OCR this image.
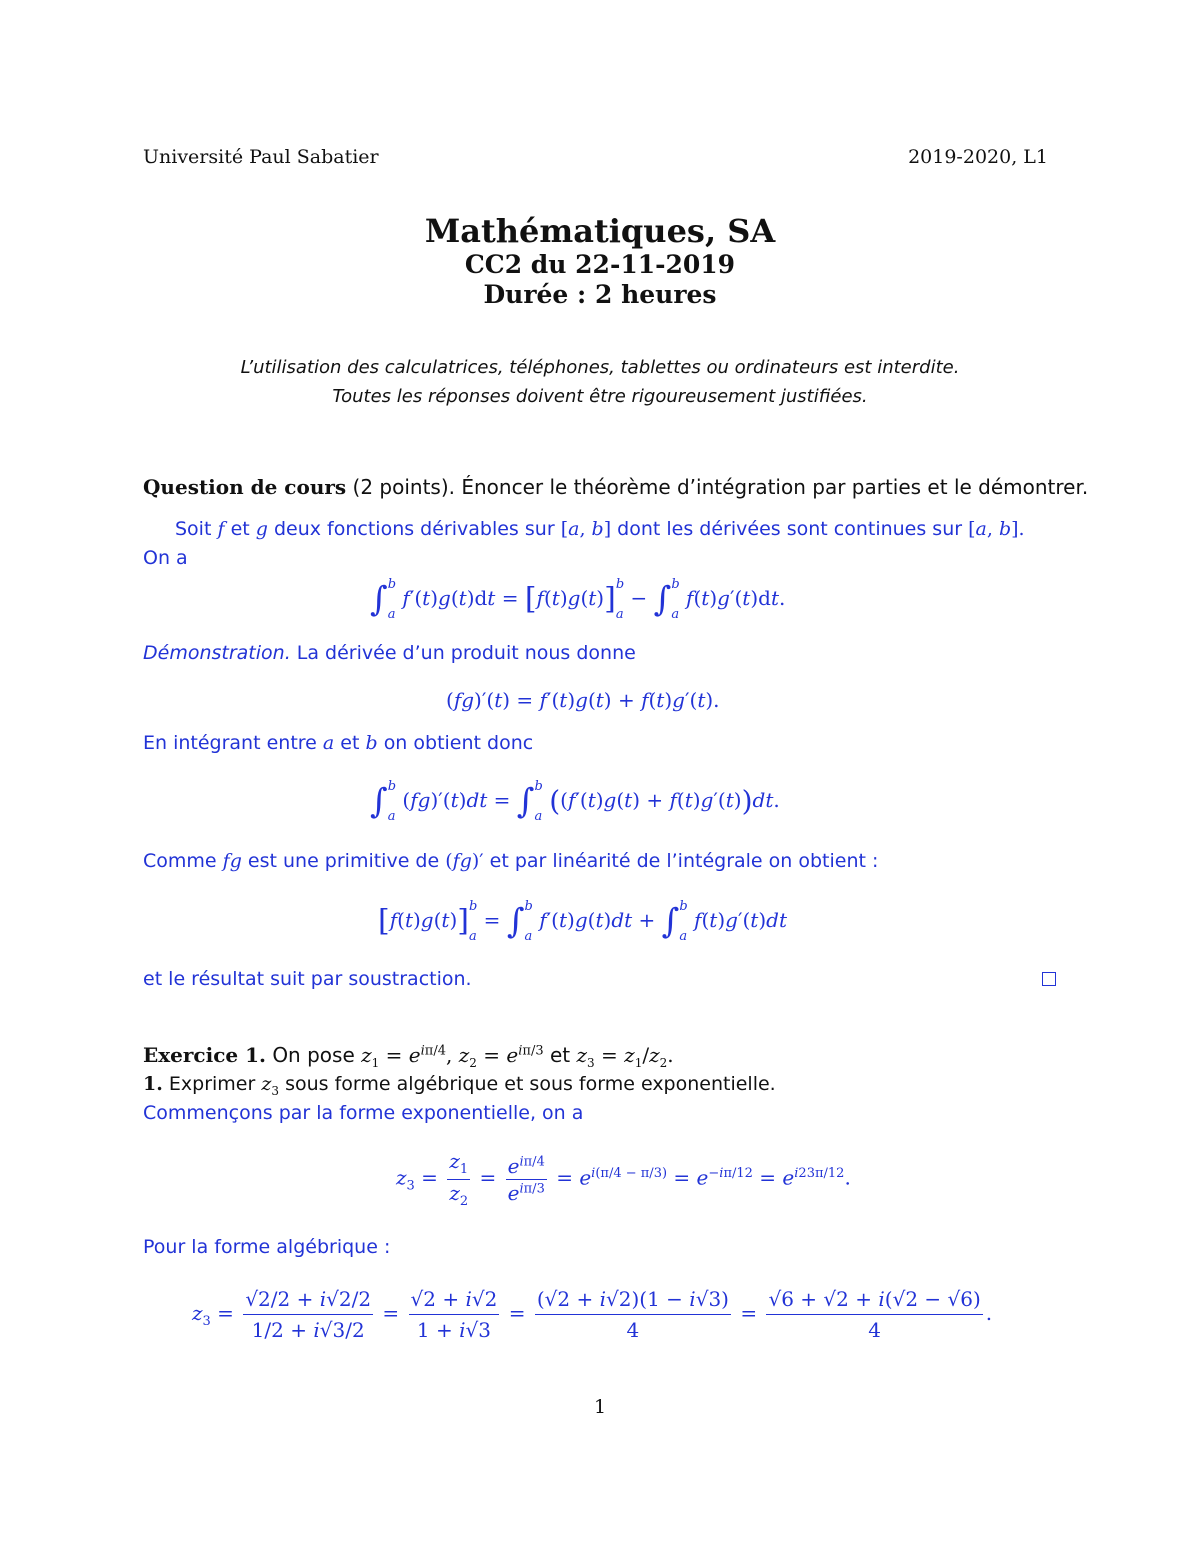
Université Paul Sabatier	2019-2020, L1
Mathématiques, SA
CC2 du 22-11-2019
Durée : 2 heures
L’utilisation des calculatrices, téléphones, tablettes ou ordinateurs est interdite.
Toutes les réponses doivent être rigoureusement justifiées.
Question de cours (2 points). Énoncer le théorème d’intégration par parties et le démontrer.
Soit f et g deux fonctions dérivables sur [a, b] dont les dérivées sont continues sur [a, b].
On a
∫ b
a
f′(t)g(t)dt = [f(t)g(t)] b
a
− ∫ b
a
f(t)g′(t)dt.
Démonstration. La dérivée d’un produit nous donne
(fg)′(t) = f′(t)g(t) + f(t)g′(t).
En intégrant entre a et b on obtient donc
∫ b
a
(fg)′(t)dt = ∫ b
a ((f′(t)g(t) + f(t)g′(t))dt.
Comme fg est une primitive de (fg)′ et par linéarité de l’intégrale on obtient :
[f(t)g(t)] b
a
= ∫ b
a
f′(t)g(t)dt + ∫ b
a
f(t)g′(t)dt
et le résultat suit par soustraction.
Exercice 1. On pose $z_1 = e^{i\pi/4}$, $z_2 = e^{i\pi/3}$ et $z_3 = z_1/z_2$.
1. Exprimer $z_3$ sous forme algébrique et sous forme exponentielle.
Commençons par la forme exponentielle, on a
$z_3 = \frac{z_1}{z_2} = \frac{e^{i\pi/4}}{e^{i\pi/3}} = e^{i(\pi/4 - \pi/3)} = e^{-i\pi/12} = e^{i23\pi/12}$.
Pour la forme algébrique :
$z_3 = \frac{√2/2 + i√2/2}{1/2 + i√3/2} = \frac{√2 + i√2}{1 + i√3} = \frac{(√2 + i√2)(1 - i√3)}{4} = \frac{√6 + √2 + i(√2 - √6)}{4}$ .
1
